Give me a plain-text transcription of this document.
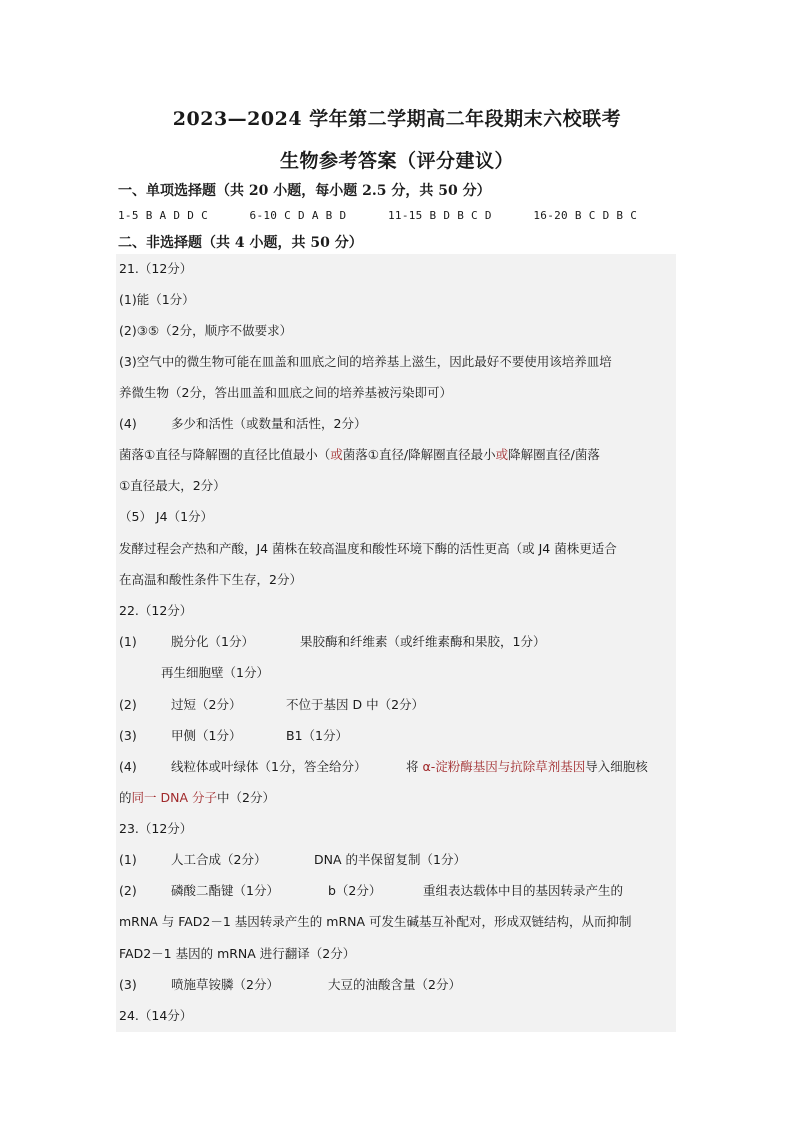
2023—2024 学年第二学期高二年段期末六校联考
生物参考答案（评分建议）
一、单项选择题（共 20 小题，每小题 2.5 分，共 50 分）
1-5 B A D D C      6-10 C D A B D      11-15 B D B C D      16-20 B C D B C
二、非选择题（共 4 小题，共 50 分）
21.（12分）
(1)能（1分）
(2)③⑤（2分，顺序不做要求）
(3)空气中的微生物可能在皿盖和皿底之间的培养基上滋生，因此最好不要使用该培养皿培
养微生物（2分，答出皿盖和皿底之间的培养基被污染即可）
(4)	多少和活性（或数量和活性，2分）
菌落①直径与降解圈的直径比值最小（或菌落①直径/降解圈直径最小或降解圈直径/菌落
①直径最大，2分）
（5） J4（1分）
发酵过程会产热和产酸，J4 菌株在较高温度和酸性环境下酶的活性更高（或 J4 菌株更适合
在高温和酸性条件下生存，2分）
22.（12分）
(1)	脱分化（1分）	果胶酶和纤维素（或纤维素酶和果胶，1分）
再生细胞壁（1分）
(2)	过短（2分）	不位于基因 D 中（2分）
(3)	甲侧（1分）	B1（1分）
(4)	线粒体或叶绿体（1分，答全给分）	将 α-淀粉酶基因与抗除草剂基因导入细胞核
的同一 DNA 分子中（2分）
23.（12分）
(1)	人工合成（2分）	DNA 的半保留复制（1分）
(2)	磷酸二酯键（1分）	b（2分）	重组表达载体中目的基因转录产生的
mRNA 与 FAD2－1 基因转录产生的 mRNA 可发生碱基互补配对，形成双链结构，从而抑制
FAD2－1 基因的 mRNA 进行翻译（2分）
(3)	喷施草铵膦（2分）	大豆的油酸含量（2分）
24.（14分）
